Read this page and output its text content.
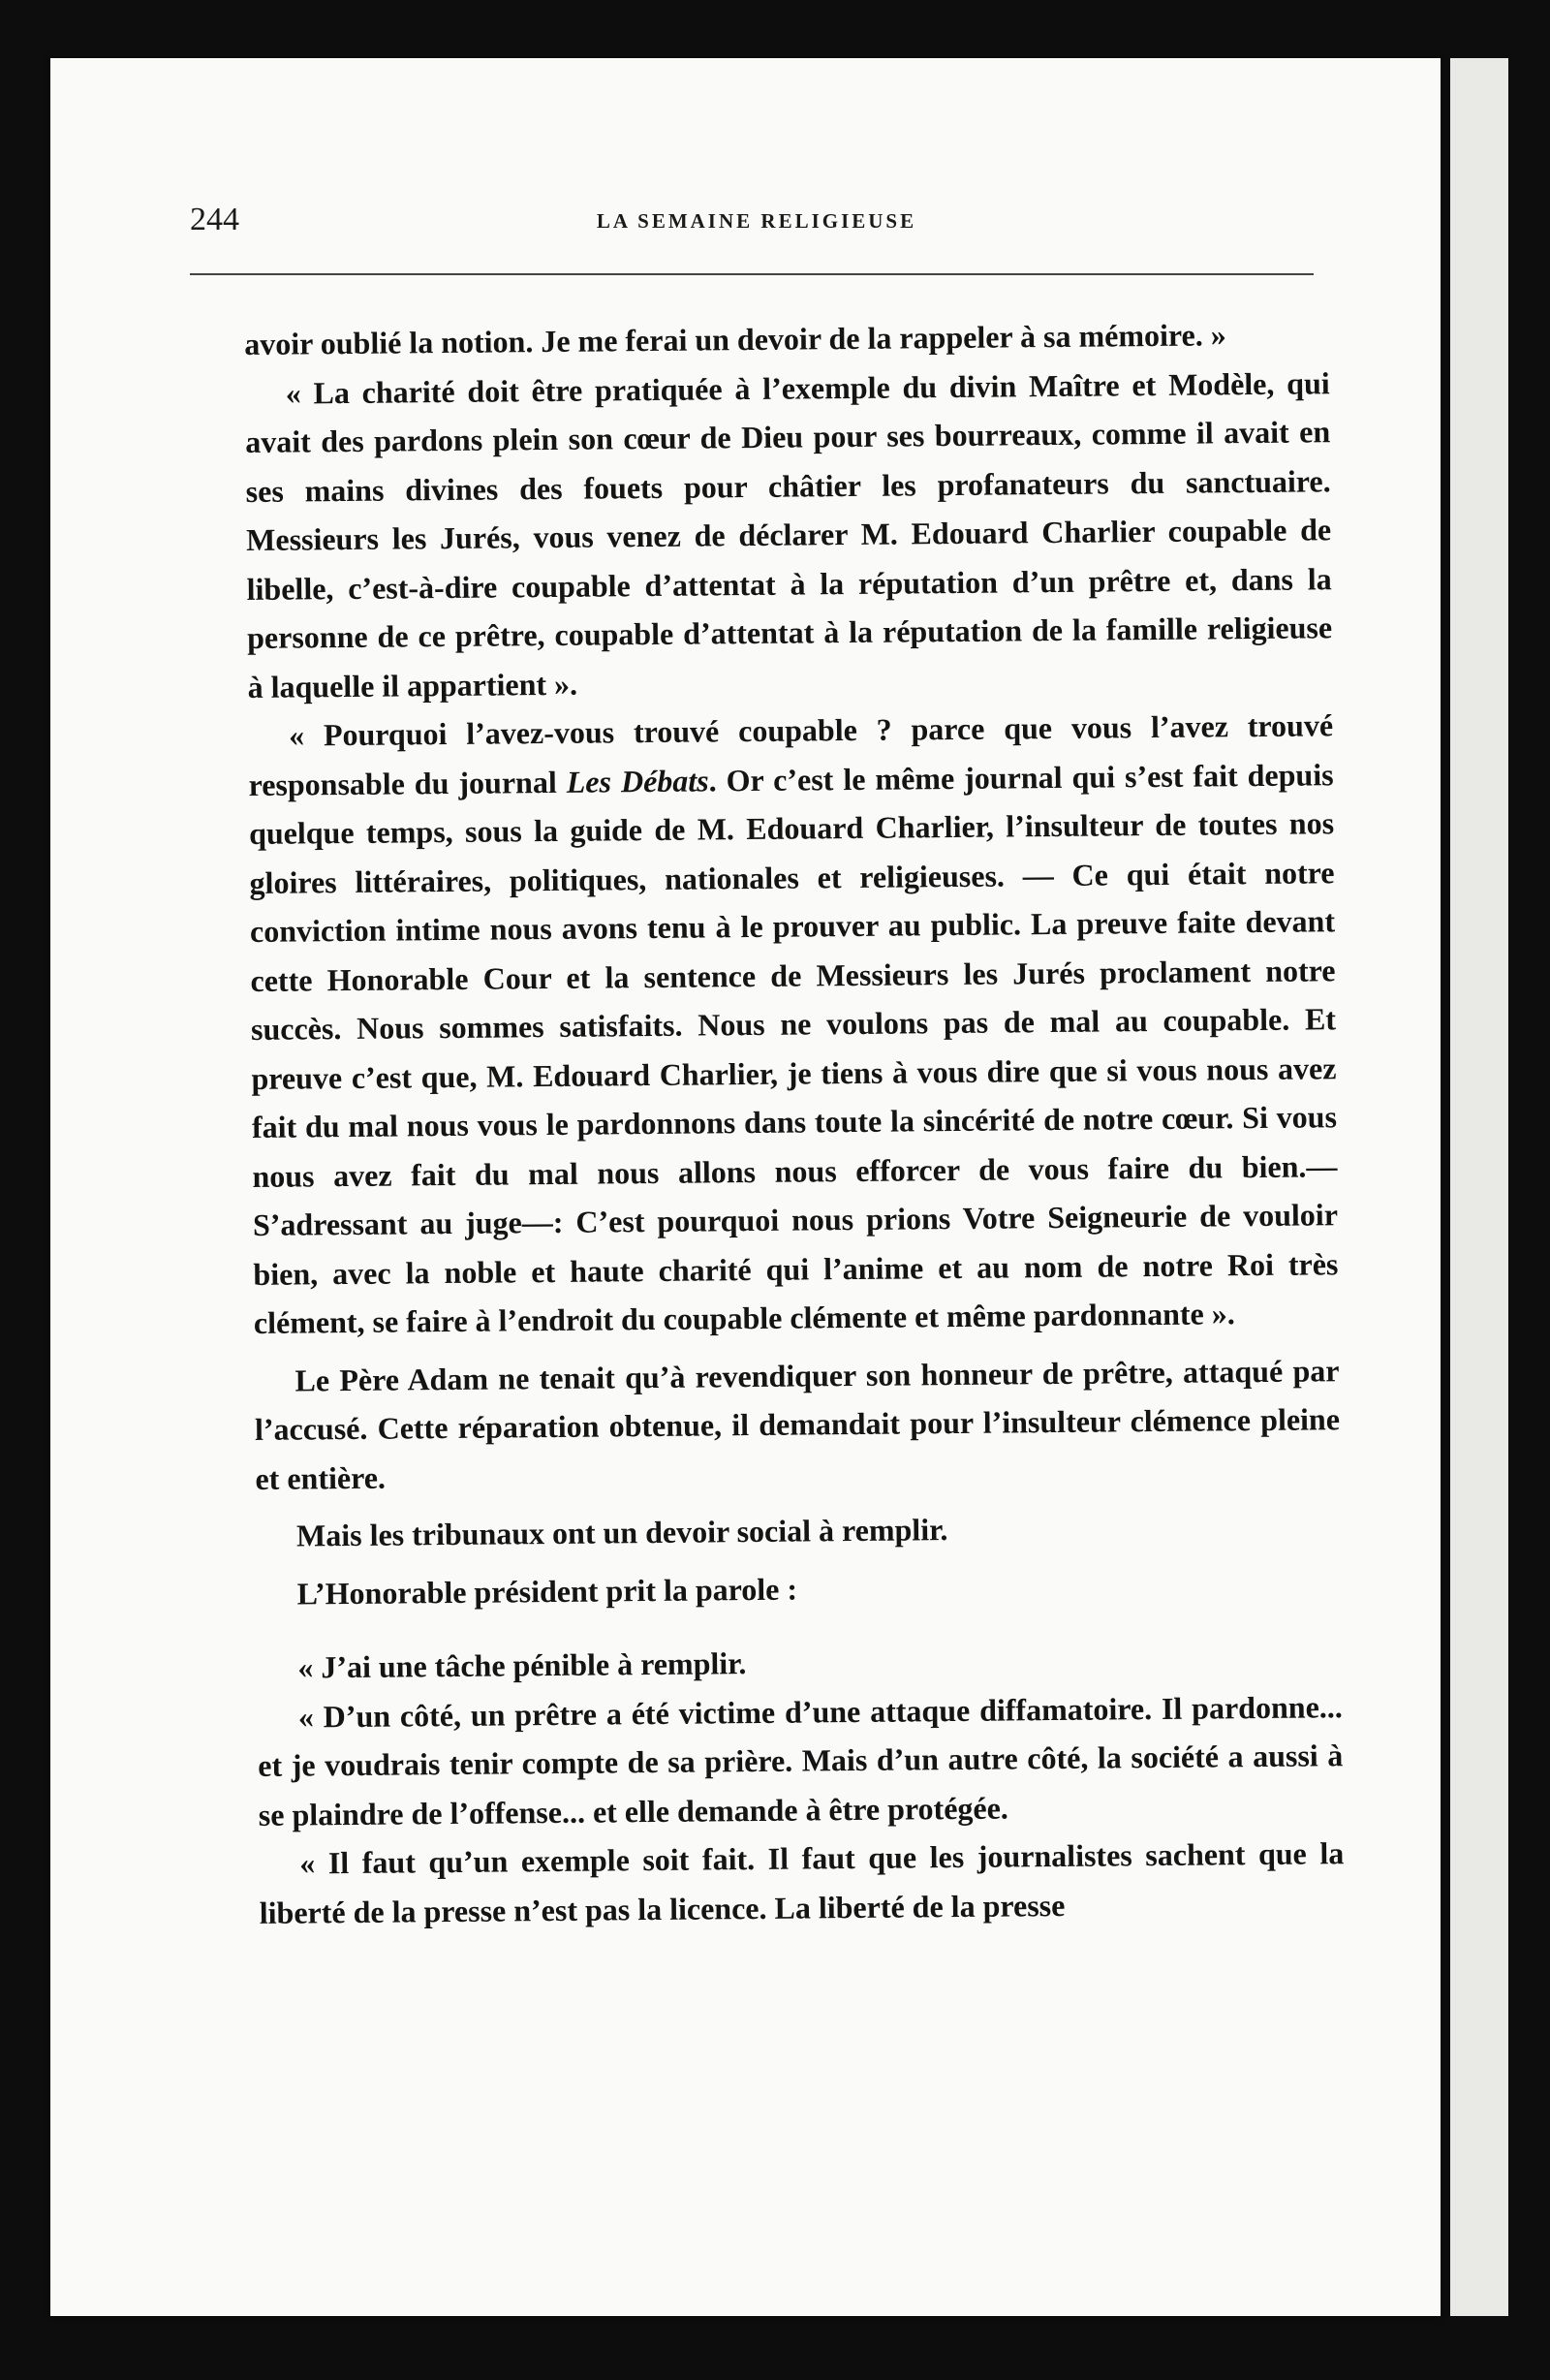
244	LA SEMAINE RELIGIEUSE

avoir oublié la notion. Je me ferai un devoir de la rappeler à sa mémoire. »

« La charité doit être pratiquée à l’exemple du divin Maître et Modèle, qui avait des pardons plein son cœur de Dieu pour ses bourreaux, comme il avait en ses mains divines des fouets pour châtier les profanateurs du sanctuaire. Messieurs les Jurés, vous venez de déclarer M. Edouard Charlier coupable de libelle, c’est-à-dire coupable d’attentat à la réputation d’un prêtre et, dans la personne de ce prêtre, coupable d’attentat à la réputation de la famille religieuse à laquelle il appartient ».

« Pourquoi l’avez-vous trouvé coupable ? parce que vous l’avez trouvé responsable du journal Les Débats. Or c’est le même journal qui s’est fait depuis quelque temps, sous la guide de M. Edouard Charlier, l’insulteur de toutes nos gloires littéraires, politiques, nationales et religieuses. — Ce qui était notre conviction intime nous avons tenu à le prouver au public. La preuve faite devant cette Honorable Cour et la sentence de Messieurs les Jurés proclament notre succès. Nous sommes satisfaits. Nous ne voulons pas de mal au coupable. Et preuve c’est que, M. Edouard Charlier, je tiens à vous dire que si vous nous avez fait du mal nous vous le pardonnons dans toute la sincérité de notre cœur. Si vous nous avez fait du mal nous allons nous efforcer de vous faire du bien.—S’adressant au juge—: C’est pourquoi nous prions Votre Seigneurie de vouloir bien, avec la noble et haute charité qui l’anime et au nom de notre Roi très clément, se faire à l’endroit du coupable clémente et même pardonnante ».

Le Père Adam ne tenait qu’à revendiquer son honneur de prêtre, attaqué par l’accusé. Cette réparation obtenue, il demandait pour l’insulteur clémence pleine et entière.

Mais les tribunaux ont un devoir social à remplir.

L’Honorable président prit la parole :

« J’ai une tâche pénible à remplir.

« D’un côté, un prêtre a été victime d’une attaque diffamatoire. Il pardonne... et je voudrais tenir compte de sa prière. Mais d’un autre côté, la société a aussi à se plaindre de l’offense... et elle demande à être protégée.

« Il faut qu’un exemple soit fait. Il faut que les journalistes sachent que la liberté de la presse n’est pas la licence. La liberté de la presse
